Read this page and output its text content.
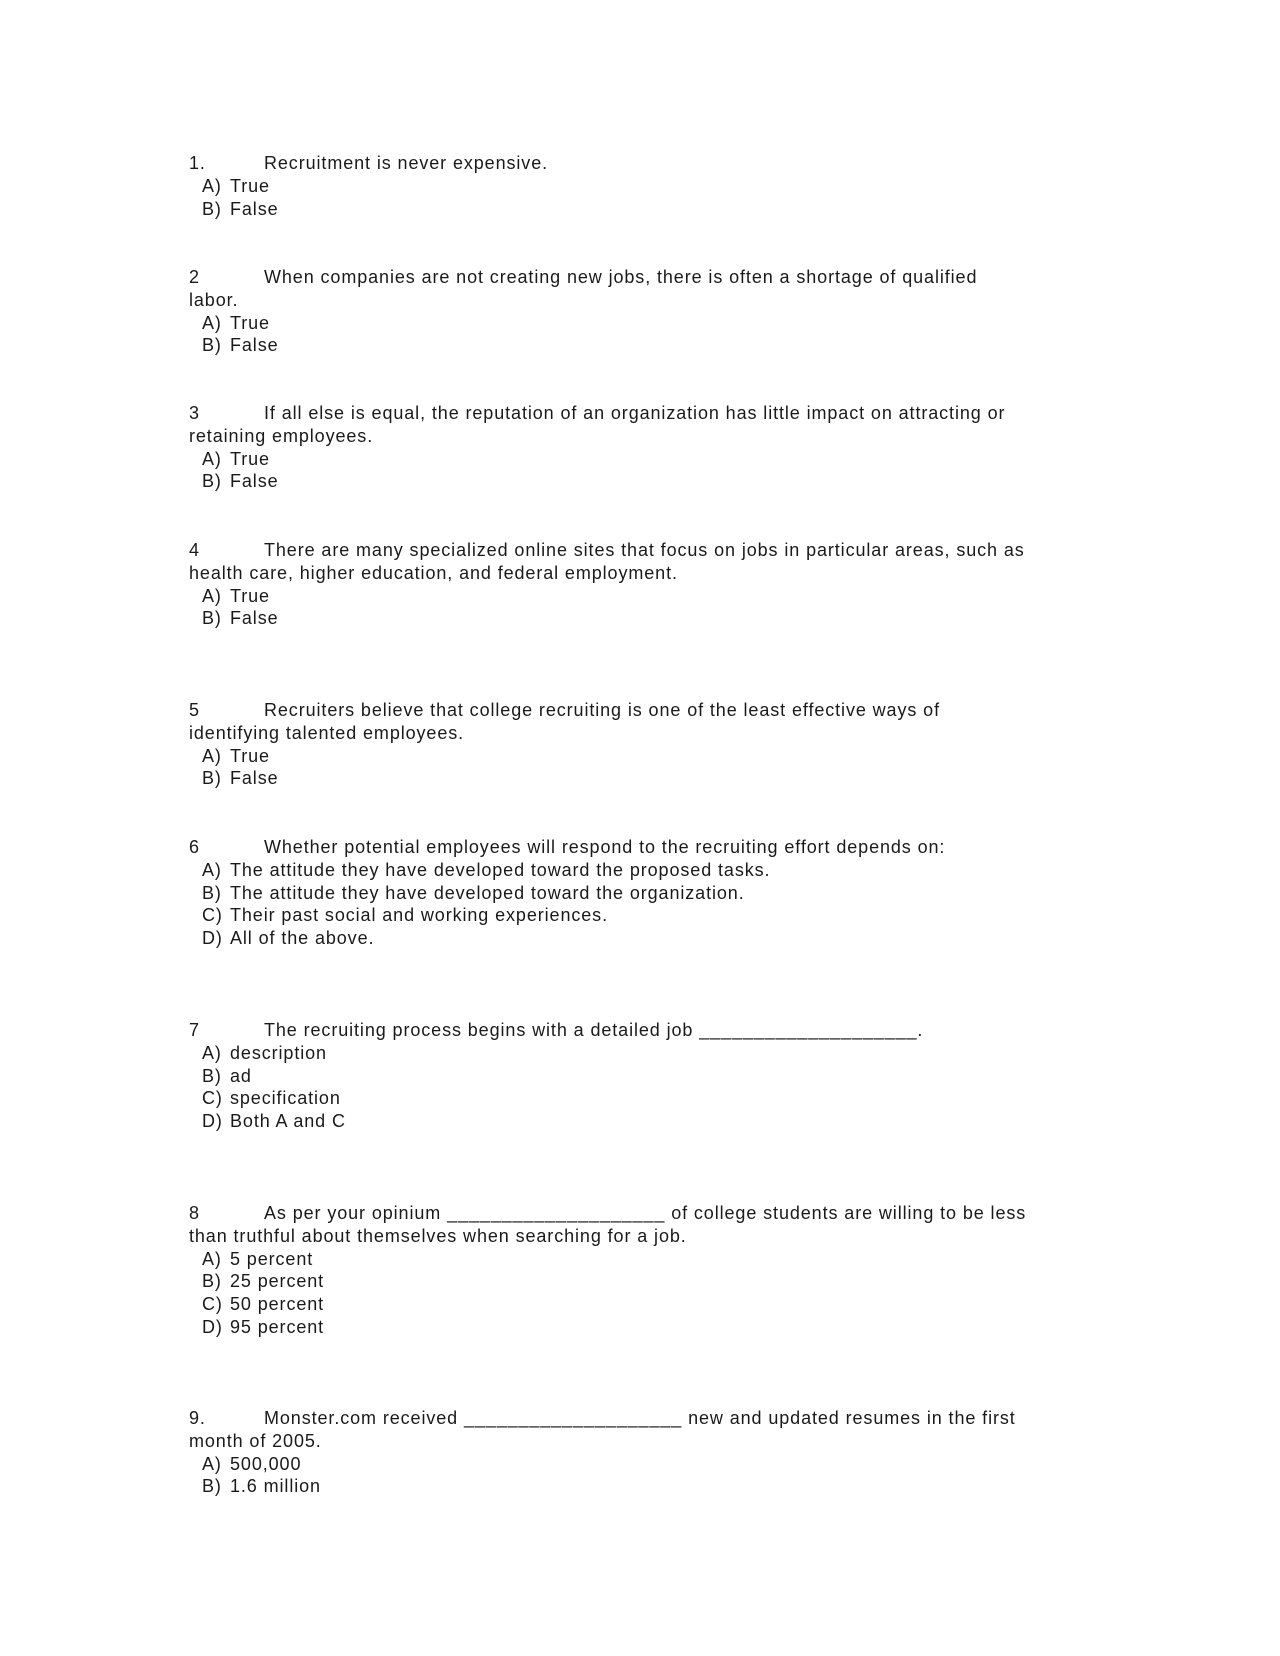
1.	Recruitment is never expensive.
A) True
B) False
2	When companies are not creating new jobs, there is often a shortage of qualified
labor.
A) True
B) False
3	If all else is equal, the reputation of an organization has little impact on attracting or
retaining employees.
A) True
B) False
4	There are many specialized online sites that focus on jobs in particular areas, such as
health care, higher education, and federal employment.
A) True
B) False
5	Recruiters believe that college recruiting is one of the least effective ways of
identifying talented employees.
A) True
B) False
6	Whether potential employees will respond to the recruiting effort depends on:
A) The attitude they have developed toward the proposed tasks.
B) The attitude they have developed toward the organization.
C) Their past social and working experiences.
D) All of the above.
7	The recruiting process begins with a detailed job ____________________.
A) description
B) ad
C) specification
D) Both A and C
8	As per your opinium ____________________ of college students are willing to be less
than truthful about themselves when searching for a job.
A) 5 percent
B) 25 percent
C) 50 percent
D) 95 percent
9.	Monster.com received ____________________ new and updated resumes in the first
month of 2005.
A) 500,000
B) 1.6 million
